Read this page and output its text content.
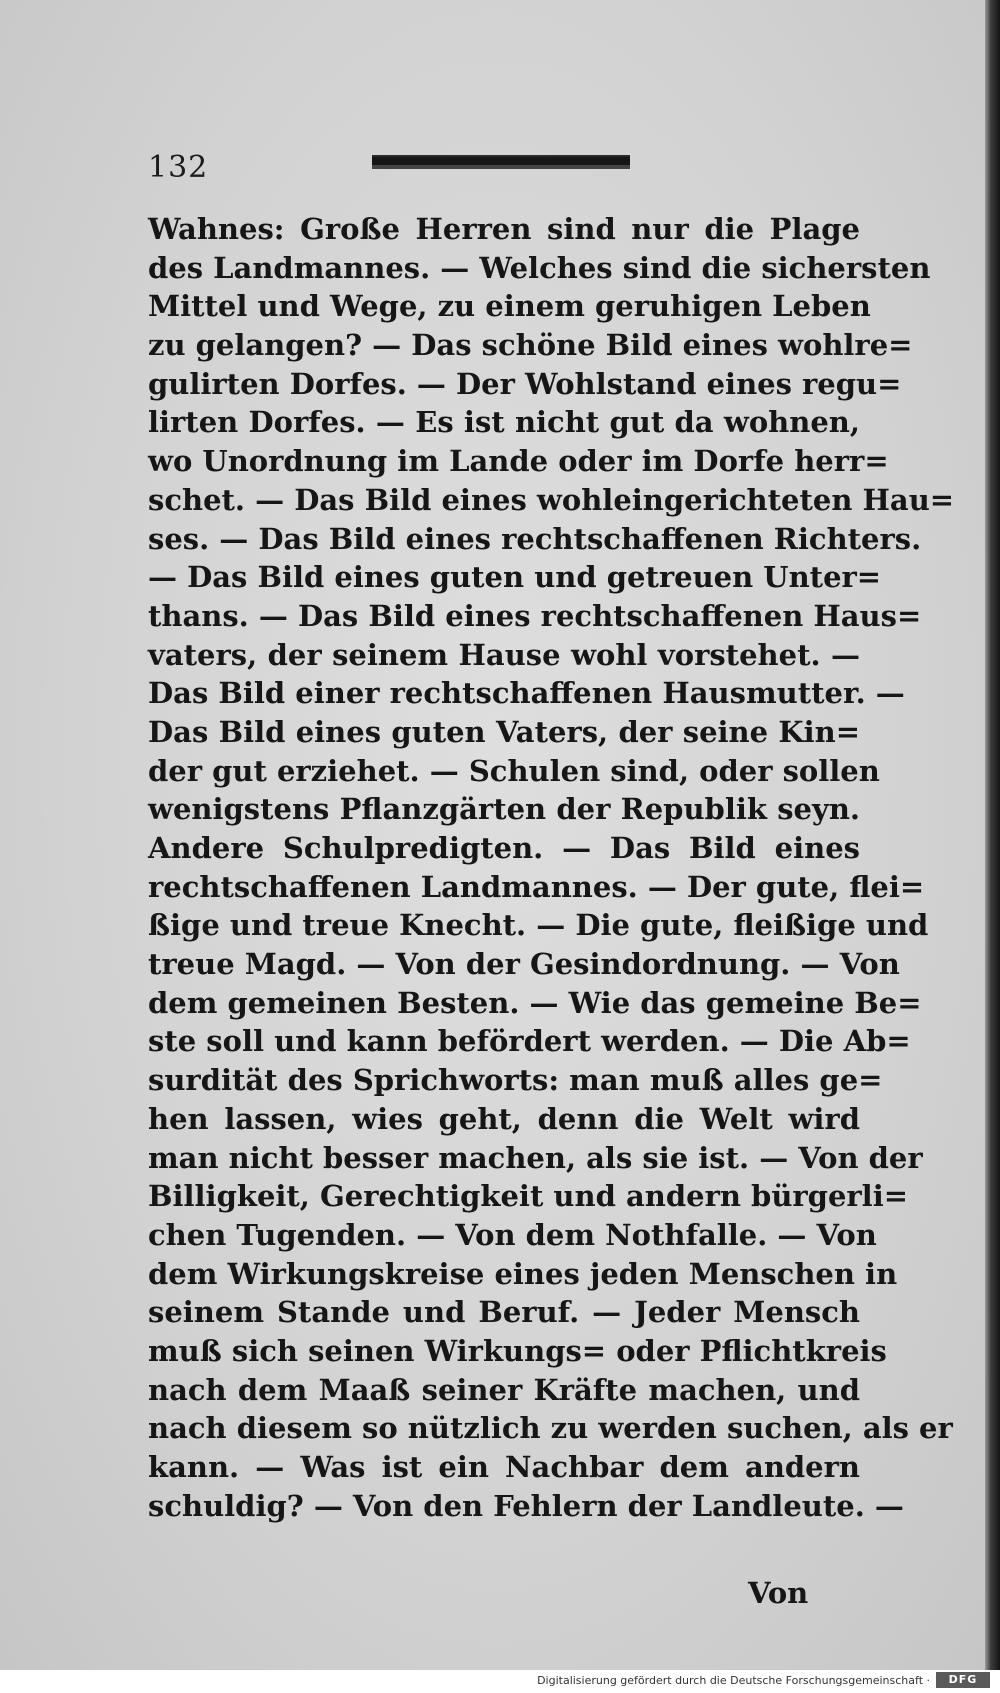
132
Wahnes: Große Herren sind nur die Plage
des Landmannes. — Welches sind die sichersten
Mittel und Wege, zu einem geruhigen Leben
zu gelangen? — Das schöne Bild eines wohlre=
gulirten Dorfes. — Der Wohlstand eines regu=
lirten Dorfes. — Es ist nicht gut da wohnen,
wo Unordnung im Lande oder im Dorfe herr=
schet. — Das Bild eines wohleingerichteten Hau=
ses. — Das Bild eines rechtschaffenen Richters.
— Das Bild eines guten und getreuen Unter=
thans. — Das Bild eines rechtschaffenen Haus=
vaters, der seinem Hause wohl vorstehet. —
Das Bild einer rechtschaffenen Hausmutter. —
Das Bild eines guten Vaters, der seine Kin=
der gut erziehet. — Schulen sind, oder sollen
wenigstens Pflanzgärten der Republik seyn.
Andere Schulpredigten. — Das Bild eines
rechtschaffenen Landmannes. — Der gute, flei=
ßige und treue Knecht. — Die gute, fleißige und
treue Magd. — Von der Gesindordnung. — Von
dem gemeinen Besten. — Wie das gemeine Be=
ste soll und kann befördert werden. — Die Ab=
surdität des Sprichworts: man muß alles ge=
hen lassen, wies geht, denn die Welt wird
man nicht besser machen, als sie ist. — Von der
Billigkeit, Gerechtigkeit und andern bürgerli=
chen Tugenden. — Von dem Nothfalle. — Von
dem Wirkungskreise eines jeden Menschen in
seinem Stande und Beruf. — Jeder Mensch
muß sich seinen Wirkungs= oder Pflichtkreis
nach dem Maaß seiner Kräfte machen, und
nach diesem so nützlich zu werden suchen, als er
kann. — Was ist ein Nachbar dem andern
schuldig? — Von den Fehlern der Landleute. —
Von
Digitalisierung gefördert durch die Deutsche Forschungsgemeinschaft ·	DFG
